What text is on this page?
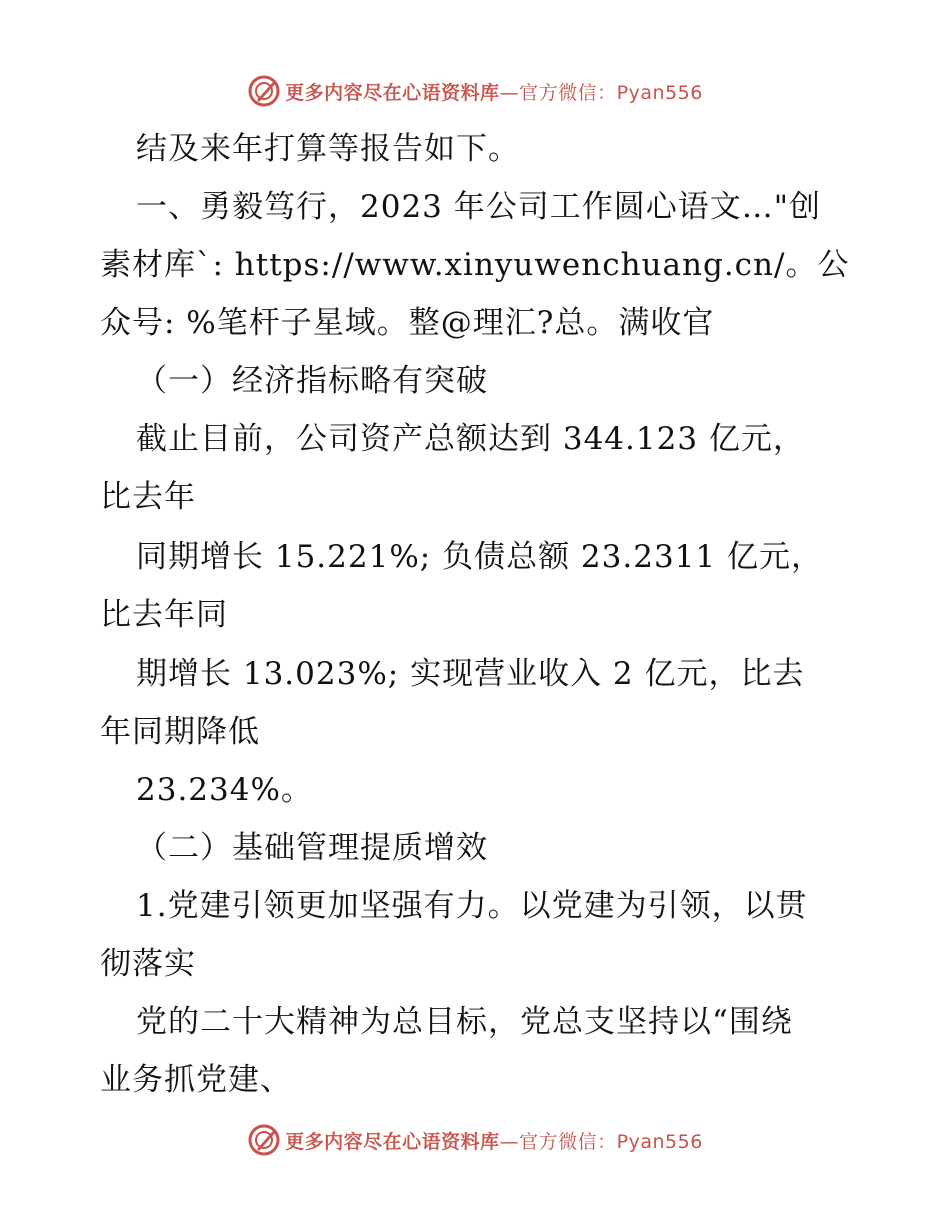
更多内容尽在心语资料库—官方微信：Pyan556
结及来年打算等报告如下。
一、勇毅笃行，2023 年公司工作圆心语文…"创
素材库`: https://www.xinyuwenchuang.cn/。公
众号: %笔杆子星域。整@理汇?总。满收官
（一）经济指标略有突破
截止目前，公司资产总额达到 344.123 亿元，
比去年
同期增长 15.221%; 负债总额 23.2311 亿元，
比去年同
期增长 13.023%; 实现营业收入 2 亿元，比去
年同期降低
23.234%。
（二）基础管理提质增效
1.党建引领更加坚强有力。以党建为引领，以贯
彻落实
党的二十大精神为总目标，党总支坚持以“围绕
业务抓党建、
更多内容尽在心语资料库—官方微信：Pyan556
